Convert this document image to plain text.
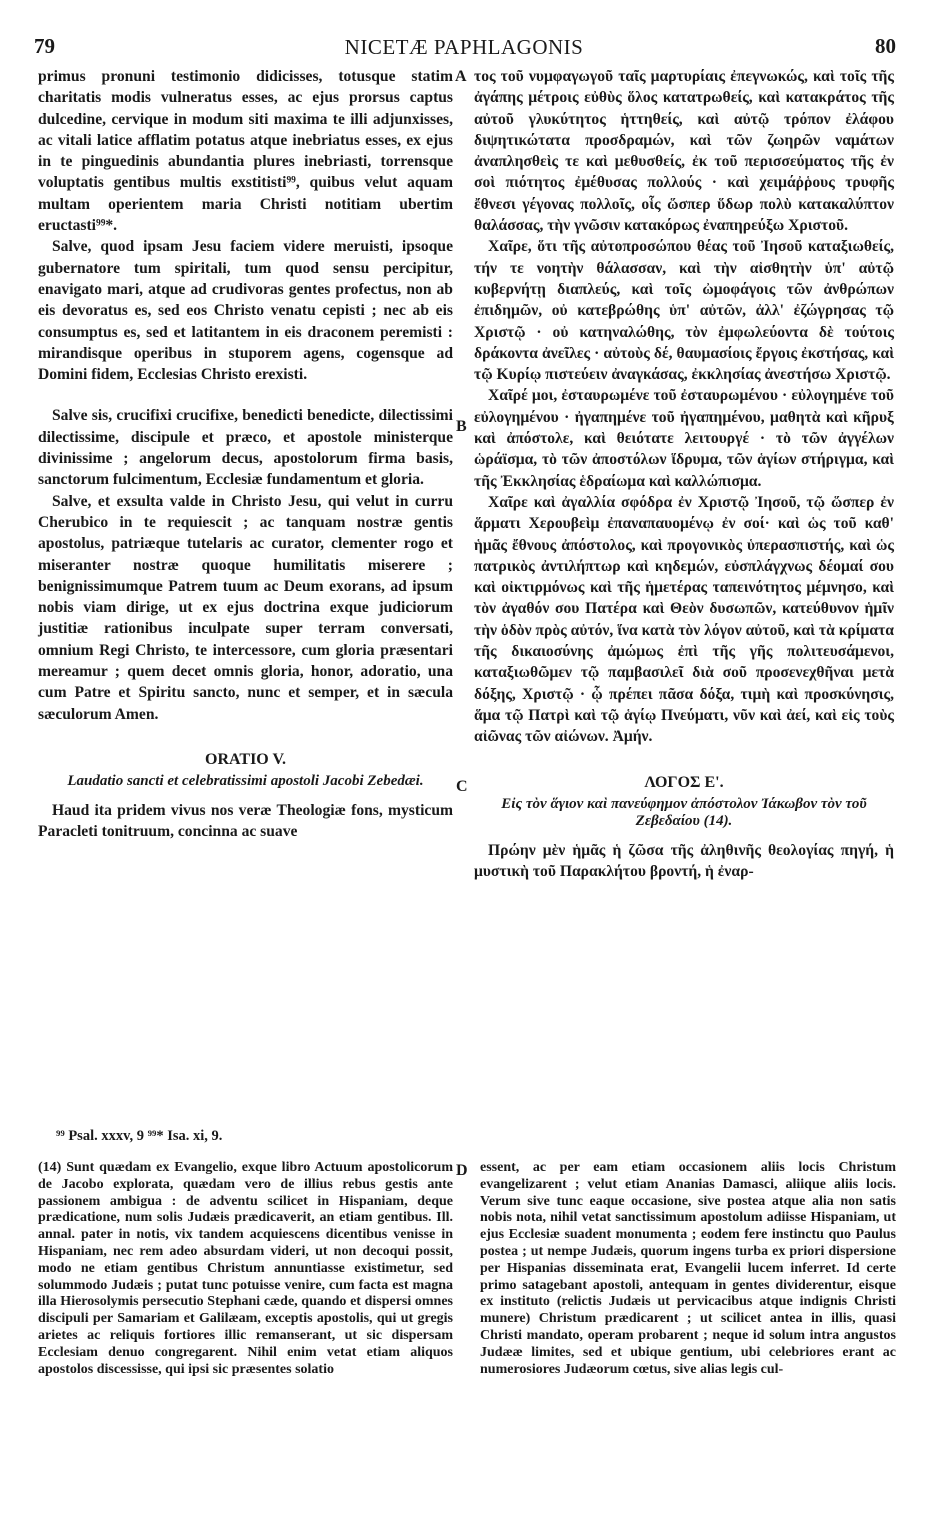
79	NICETÆ PAPHLAGONIS	80
A
B
C
D

primus pronuni testimonio didicisses, totusque statim charitatis modis vulneratus esses, ac ejus prorsus captus dulcedine, cervique in modum siti maxima te illi adjunxisses, ac vitali latice afflatim potatus atque inebriatus esses, ex ejus in te pinguedinis abundantia plures inebriasti, torrensque voluptatis gentibus multis exstitisti⁹⁹, quibus velut aquam multam operientem maria Christi notitiam ubertim eructasti⁹⁹*.

Salve, quod ipsam Jesu faciem videre meruisti, ipsoque gubernatore tum spiritali, tum quod sensu percipitur, enavigato mari, atque ad crudivoras gentes profectus, non ab eis devoratus es, sed eos Christo venatu cepisti ; nec ab eis consumptus es, sed et latitantem in eis draconem peremisti : mirandisque operibus in stuporem agens, cogensque ad Domini fidem, Ecclesias Christo erexisti.

Salve sis, crucifixi crucifixe, benedicti benedicte, dilectissimi dilectissime, discipule et præco, et apostole ministerque divinissime ; angelorum decus, apostolorum firma basis, sanctorum fulcimentum, Ecclesiæ fundamentum et gloria.

Salve, et exsulta valde in Christo Jesu, qui velut in curru Cherubico in te requiescit ; ac tanquam nostræ gentis apostolus, patriæque tutelaris ac curator, clementer rogo et miseranter nostræ quoque humilitatis miserere ; benignissimumque Patrem tuum ac Deum exorans, ad ipsum nobis viam dirige, ut ex ejus doctrina exque judiciorum justitiæ rationibus inculpate super terram conversati, omnium Regi Christo, te intercessore, cum gloria præsentari mereamur ; quem decet omnis gloria, honor, adoratio, una cum Patre et Spiritu sancto, nunc et semper, et in sæcula sæculorum Amen.

ORATIO V.
Laudatio sancti et celebratissimi apostoli Jacobi Zebedæi.

Haud ita pridem vivus nos veræ Theologiæ fons, mysticum Paracleti tonitruum, concinna ac suave

τος τοῦ νυμφαγωγοῦ ταῖς μαρτυρίαις ἐπεγνωκώς, καὶ τοῖς τῆς ἀγάπης μέτροις εὐθὺς ὅλος κατατρωθείς, καὶ κατακράτος τῆς αὐτοῦ γλυκύτητος ἡττηθείς, καὶ αὐτῷ τρόπον ἐλάφου διψητικώτατα προσδραμών, καὶ τῶν ζωηρῶν ναμάτων ἀναπλησθεὶς τε καὶ μεθυσθείς, ἐκ τοῦ περισσεύματος τῆς ἐν σοὶ πιότητος ἐμέθυσας πολλούς · καὶ χειμάῤῥους τρυφῆς ἔθνεσι γέγονας πολλοῖς, οἷς ὥσπερ ὕδωρ πολὺ κατακαλύπτον θαλάσσας, τὴν γνῶσιν κατακόρως ἐναπηρεύξω Χριστοῦ.

Χαῖρε, ὅτι τῆς αὐτοπροσώπου θέας τοῦ Ἰησοῦ καταξιωθείς, τήν τε νοητὴν θάλασσαν, καὶ τὴν αἰσθητὴν ὑπ' αὐτῷ κυβερνήτῃ διαπλεύς, καὶ τοῖς ὠμοφάγοις τῶν ἀνθρώπων ἐπιδημῶν, οὐ κατεβρώθης ὑπ' αὐτῶν, ἀλλ' ἐζώγρησας τῷ Χριστῷ · οὐ κατηναλώθης, τὸν ἐμφωλεύοντα δὲ τούτοις δράκοντα ἀνεῖλες · αὐτοὺς δέ, θαυμασίοις ἔργοις ἐκστήσας, καὶ τῷ Κυρίῳ πιστεύειν ἀναγκάσας, ἐκκλησίας ἀνεστήσω Χριστῷ.

Χαῖρέ μοι, ἐσταυρωμένε τοῦ ἐσταυρωμένου · εὐλογημένε τοῦ εὐλογημένου · ἠγαπημένε τοῦ ἠγαπημένου, μαθητὰ καὶ κῆρυξ καὶ ἀπόστολε, καὶ θειότατε λειτουργέ · τὸ τῶν ἀγγέλων ὡράϊσμα, τὸ τῶν ἀποστόλων ἵδρυμα, τῶν ἁγίων στήριγμα, καὶ τῆς Ἐκκλησίας ἑδραίωμα καὶ καλλώπισμα.

Χαῖρε καὶ ἀγαλλία σφόδρα ἐν Χριστῷ Ἰησοῦ, τῷ ὥσπερ ἐν ἅρματι Χερουβεὶμ ἐπαναπαυομένῳ ἐν σοί· καὶ ὡς τοῦ καθ' ἡμᾶς ἔθνους ἀπόστολος, καὶ προγονικὸς ὑπερασπιστής, καὶ ὡς πατρικὸς ἀντιλήπτωρ καὶ κηδεμών, εὐσπλάγχνως δέομαί σου καὶ οἰκτιρμόνως καὶ τῆς ἡμετέρας ταπεινότητος μέμνησο, καὶ τὸν ἀγαθόν σου Πατέρα καὶ Θεὸν δυσωπῶν, κατεύθυνον ἡμῖν τὴν ὁδὸν πρὸς αὐτόν, ἵνα κατὰ τὸν λόγον αὐτοῦ, καὶ τὰ κρίματα τῆς δικαιοσύνης ἀμώμως ἐπὶ τῆς γῆς πολιτευσάμενοι, καταξιωθῶμεν τῷ παμβασιλεῖ διὰ σοῦ προσενεχθῆναι μετὰ δόξης, Χριστῷ · ᾧ πρέπει πᾶσα δόξα, τιμὴ καὶ προσκύνησις, ἅμα τῷ Πατρὶ καὶ τῷ ἁγίῳ Πνεύματι, νῦν καὶ ἀεί, καὶ εἰς τοὺς αἰῶνας τῶν αἰώνων. Ἀμήν.

ΛΟΓΟΣ Ε'.
Εἰς τὸν ἅγιον καὶ πανεύφημον ἀπόστολον Ἰάκωβον τὸν τοῦ Ζεβεδαίου (14).

Πρώην μὲν ἡμᾶς ἡ ζῶσα τῆς ἀληθινῆς θεολογίας πηγή, ἡ μυστικὴ τοῦ Παρακλήτου βροντή, ἡ ἐναρ-

⁹⁹ Psal. xxxv, 9 ⁹⁹* Isa. xi, 9.

(14) Sunt quædam ex Evangelio, exque libro Actuum apostolicorum de Jacobo explorata, quædam vero de illius rebus gestis ante passionem ambigua : de adventu scilicet in Hispaniam, deque prædicatione, num solis Judæis prædicaverit, an etiam gentibus. Ill. annal. pater in notis, vix tandem acquiescens dicentibus venisse in Hispaniam, nec rem adeo absurdam videri, ut non decoqui possit, modo ne etiam gentibus Christum annuntiasse existimetur, sed solummodo Judæis ; putat tunc potuisse venire, cum facta est magna illa Hierosolymis persecutio Stephani cæde, quando et dispersi omnes discipuli per Samariam et Galilæam, exceptis apostolis, qui ut gregis arietes ac reliquis fortiores illic remanserant, ut sic dispersam Ecclesiam denuo congregarent. Nihil enim vetat etiam aliquos apostolos discessisse, qui ipsi sic præsentes solatio

essent, ac per eam etiam occasionem aliis locis Christum evangelizarent ; velut etiam Ananias Damasci, aliique aliis locis. Verum sive tunc eaque occasione, sive postea atque alia non satis nobis nota, nihil vetat sanctissimum apostolum adiisse Hispaniam, ut ejus Ecclesiæ suadent monumenta ; eodem fere instinctu quo Paulus postea ; ut nempe Judæis, quorum ingens turba ex priori dispersione per Hispanias disseminata erat, Evangelii lucem inferret. Id certe primo satagebant apostoli, antequam in gentes dividerentur, eisque ex instituto (relictis Judæis ut pervicacibus atque indignis Christi munere) Christum prædicarent ; ut scilicet antea in illis, quasi Christi mandato, operam probarent ; neque id solum intra angustos Judææ limites, sed et ubique gentium, ubi celebriores erant ac numerosiores Judæorum cœtus, sive alias legis cul-
